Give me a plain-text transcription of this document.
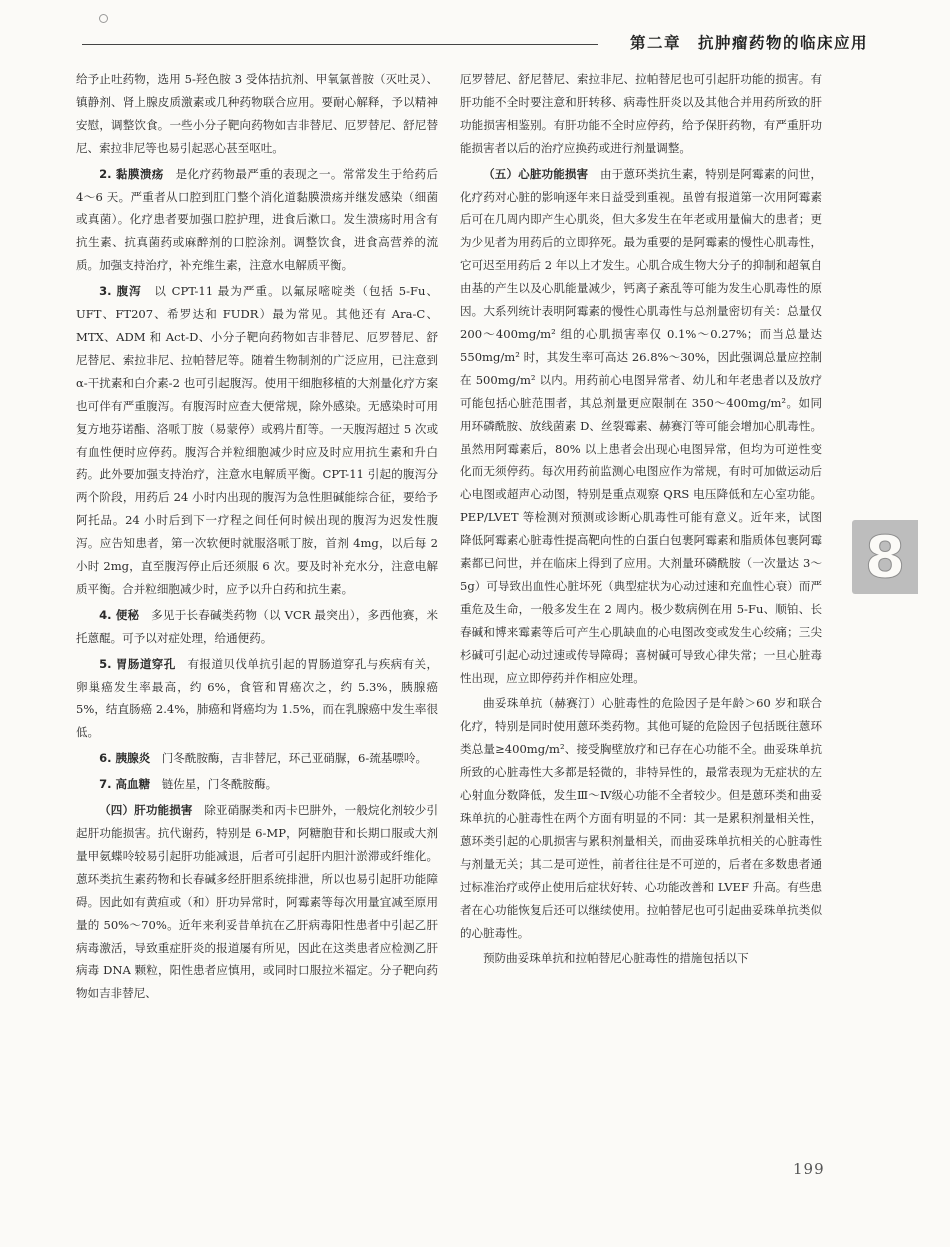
第二章　抗肿瘤药物的临床应用

给予止吐药物，选用 5-羟色胺 3 受体拮抗剂、甲氧氯普胺（灭吐灵）、镇静剂、肾上腺皮质激素或几种药物联合应用。要耐心解释，予以精神安慰，调整饮食。一些小分子靶向药物如吉非替尼、厄罗替尼、舒尼替尼、索拉非尼等也易引起恶心甚至呕吐。

2. 黏膜溃疡　 是化疗药物最严重的表现之一。常常发生于给药后 4～6 天。严重者从口腔到肛门整个消化道黏膜溃疡并继发感染（细菌或真菌）。化疗患者要加强口腔护理，进食后漱口。发生溃疡时用含有抗生素、抗真菌药或麻醉剂的口腔涂剂。调整饮食，进食高营养的流质。加强支持治疗，补充维生素，注意水电解质平衡。

3. 腹泻　 以 CPT-11 最为严重。以氟尿嘧啶类（包括 5-Fu、UFT、FT207、希罗达和 FUDR）最为常见。其他还有 Ara-C、MTX、ADM 和 Act-D、小分子靶向药物如吉非替尼、厄罗替尼、舒尼替尼、索拉非尼、拉帕替尼等。随着生物制剂的广泛应用，已注意到 α-干扰素和白介素-2 也可引起腹泻。使用干细胞移植的大剂量化疗方案也可伴有严重腹泻。有腹泻时应查大便常规，除外感染。无感染时可用复方地芬诺酯、洛哌丁胺（易蒙停）或鸦片酊等。一天腹泻超过 5 次或有血性便时应停药。腹泻合并粒细胞减少时应及时应用抗生素和升白药。此外要加强支持治疗，注意水电解质平衡。CPT-11 引起的腹泻分两个阶段，用药后 24 小时内出现的腹泻为急性胆碱能综合征，要给予阿托品。24 小时后到下一疗程之间任何时候出现的腹泻为迟发性腹泻。应告知患者，第一次软便时就服洛哌丁胺，首剂 4mg，以后每 2 小时 2mg，直至腹泻停止后还须服 6 次。要及时补充水分，注意电解质平衡。合并粒细胞减少时，应予以升白药和抗生素。

4. 便秘　 多见于长春碱类药物（以 VCR 最突出），多西他赛，米托蒽醌。可予以对症处理，给通便药。

5. 胃肠道穿孔　 有报道贝伐单抗引起的胃肠道穿孔与疾病有关，卵巢癌发生率最高，约 6%，食管和胃癌次之，约 5.3%，胰腺癌 5%，结直肠癌 2.4%，肺癌和肾癌均为 1.5%，而在乳腺癌中发生率很低。

6. 胰腺炎　 门冬酰胺酶，吉非替尼，环己亚硝脲，6-巯基嘌呤。

7. 高血糖　 链佐星，门冬酰胺酶。

（四）肝功能损害　 除亚硝脲类和丙卡巴肼外，一般烷化剂较少引起肝功能损害。抗代谢药，特别是 6-MP，阿糖胞苷和长期口服或大剂量甲氨蝶呤较易引起肝功能减退，后者可引起肝内胆汁淤滞或纤维化。蒽环类抗生素药物和长春碱多经肝胆系统排泄，所以也易引起肝功能障碍。因此如有黄疸或（和）肝功异常时，阿霉素等每次用量宜减至原用量的 50%～70%。近年来利妥昔单抗在乙肝病毒阳性患者中引起乙肝病毒激活，导致重症肝炎的报道屡有所见，因此在这类患者应检测乙肝病毒 DNA 颗粒，阳性患者应慎用，或同时口服拉米福定。分子靶向药物如吉非替尼、

厄罗替尼、舒尼替尼、索拉非尼、拉帕替尼也可引起肝功能的损害。有肝功能不全时要注意和肝转移、病毒性肝炎以及其他合并用药所致的肝功能损害相鉴别。有肝功能不全时应停药，给予保肝药物，有严重肝功能损害者以后的治疗应换药或进行剂量调整。

（五）心脏功能损害　 由于蒽环类抗生素，特别是阿霉素的问世，化疗药对心脏的影响逐年来日益受到重视。虽曾有报道第一次用阿霉素后可在几周内即产生心肌炎，但大多发生在年老或用量偏大的患者；更为少见者为用药后的立即猝死。最为重要的是阿霉素的慢性心肌毒性，它可迟至用药后 2 年以上才发生。心肌合成生物大分子的抑制和超氧自由基的产生以及心肌能量减少，钙离子紊乱等可能为发生心肌毒性的原因。大系列统计表明阿霉素的慢性心肌毒性与总剂量密切有关：总量仅 200～400mg/m² 组的心肌损害率仅 0.1%～0.27%；而当总量达 550mg/m² 时，其发生率可高达 26.8%～30%，因此强调总量应控制在 500mg/m² 以内。用药前心电图异常者、幼儿和年老患者以及放疗可能包括心脏范围者，其总剂量更应限制在 350～400mg/m²。如同用环磷酰胺、放线菌素 D、丝裂霉素、赫赛汀等可能会增加心肌毒性。虽然用阿霉素后，80% 以上患者会出现心电图异常，但均为可逆性变化而无须停药。每次用药前监测心电图应作为常规，有时可加做运动后心电图或超声心动图，特别是重点观察 QRS 电压降低和左心室功能。PEP/LVET 等检测对预测或诊断心肌毒性可能有意义。近年来，试图降低阿霉素心脏毒性提高靶向性的白蛋白包裹阿霉素和脂质体包裹阿霉素都已问世，并在临床上得到了应用。大剂量环磷酰胺（一次量达 3～5g）可导致出血性心脏坏死（典型症状为心动过速和充血性心衰）而严重危及生命，一般多发生在 2 周内。极少数病例在用 5-Fu、顺铂、长春碱和博来霉素等后可产生心肌缺血的心电图改变或发生心绞痛；三尖杉碱可引起心动过速或传导障碍；喜树碱可导致心律失常；一旦心脏毒性出现，应立即停药并作相应处理。

曲妥珠单抗（赫赛汀）心脏毒性的危险因子是年龄＞60 岁和联合化疗，特别是同时使用蒽环类药物。其他可疑的危险因子包括既往蒽环类总量≥400mg/m²、接受胸壁放疗和已存在心功能不全。曲妥珠单抗所致的心脏毒性大多都是轻微的，非特异性的，最常表现为无症状的左心射血分数降低，发生Ⅲ～Ⅳ级心功能不全者较少。但是蒽环类和曲妥珠单抗的心脏毒性在两个方面有明显的不同：其一是累积剂量相关性，蒽环类引起的心肌损害与累积剂量相关，而曲妥珠单抗相关的心脏毒性与剂量无关；其二是可逆性，前者往往是不可逆的，后者在多数患者通过标准治疗或停止使用后症状好转、心功能改善和 LVEF 升高。有些患者在心功能恢复后还可以继续使用。拉帕替尼也可引起曲妥珠单抗类似的心脏毒性。

预防曲妥珠单抗和拉帕替尼心脏毒性的措施包括以下

8
199
